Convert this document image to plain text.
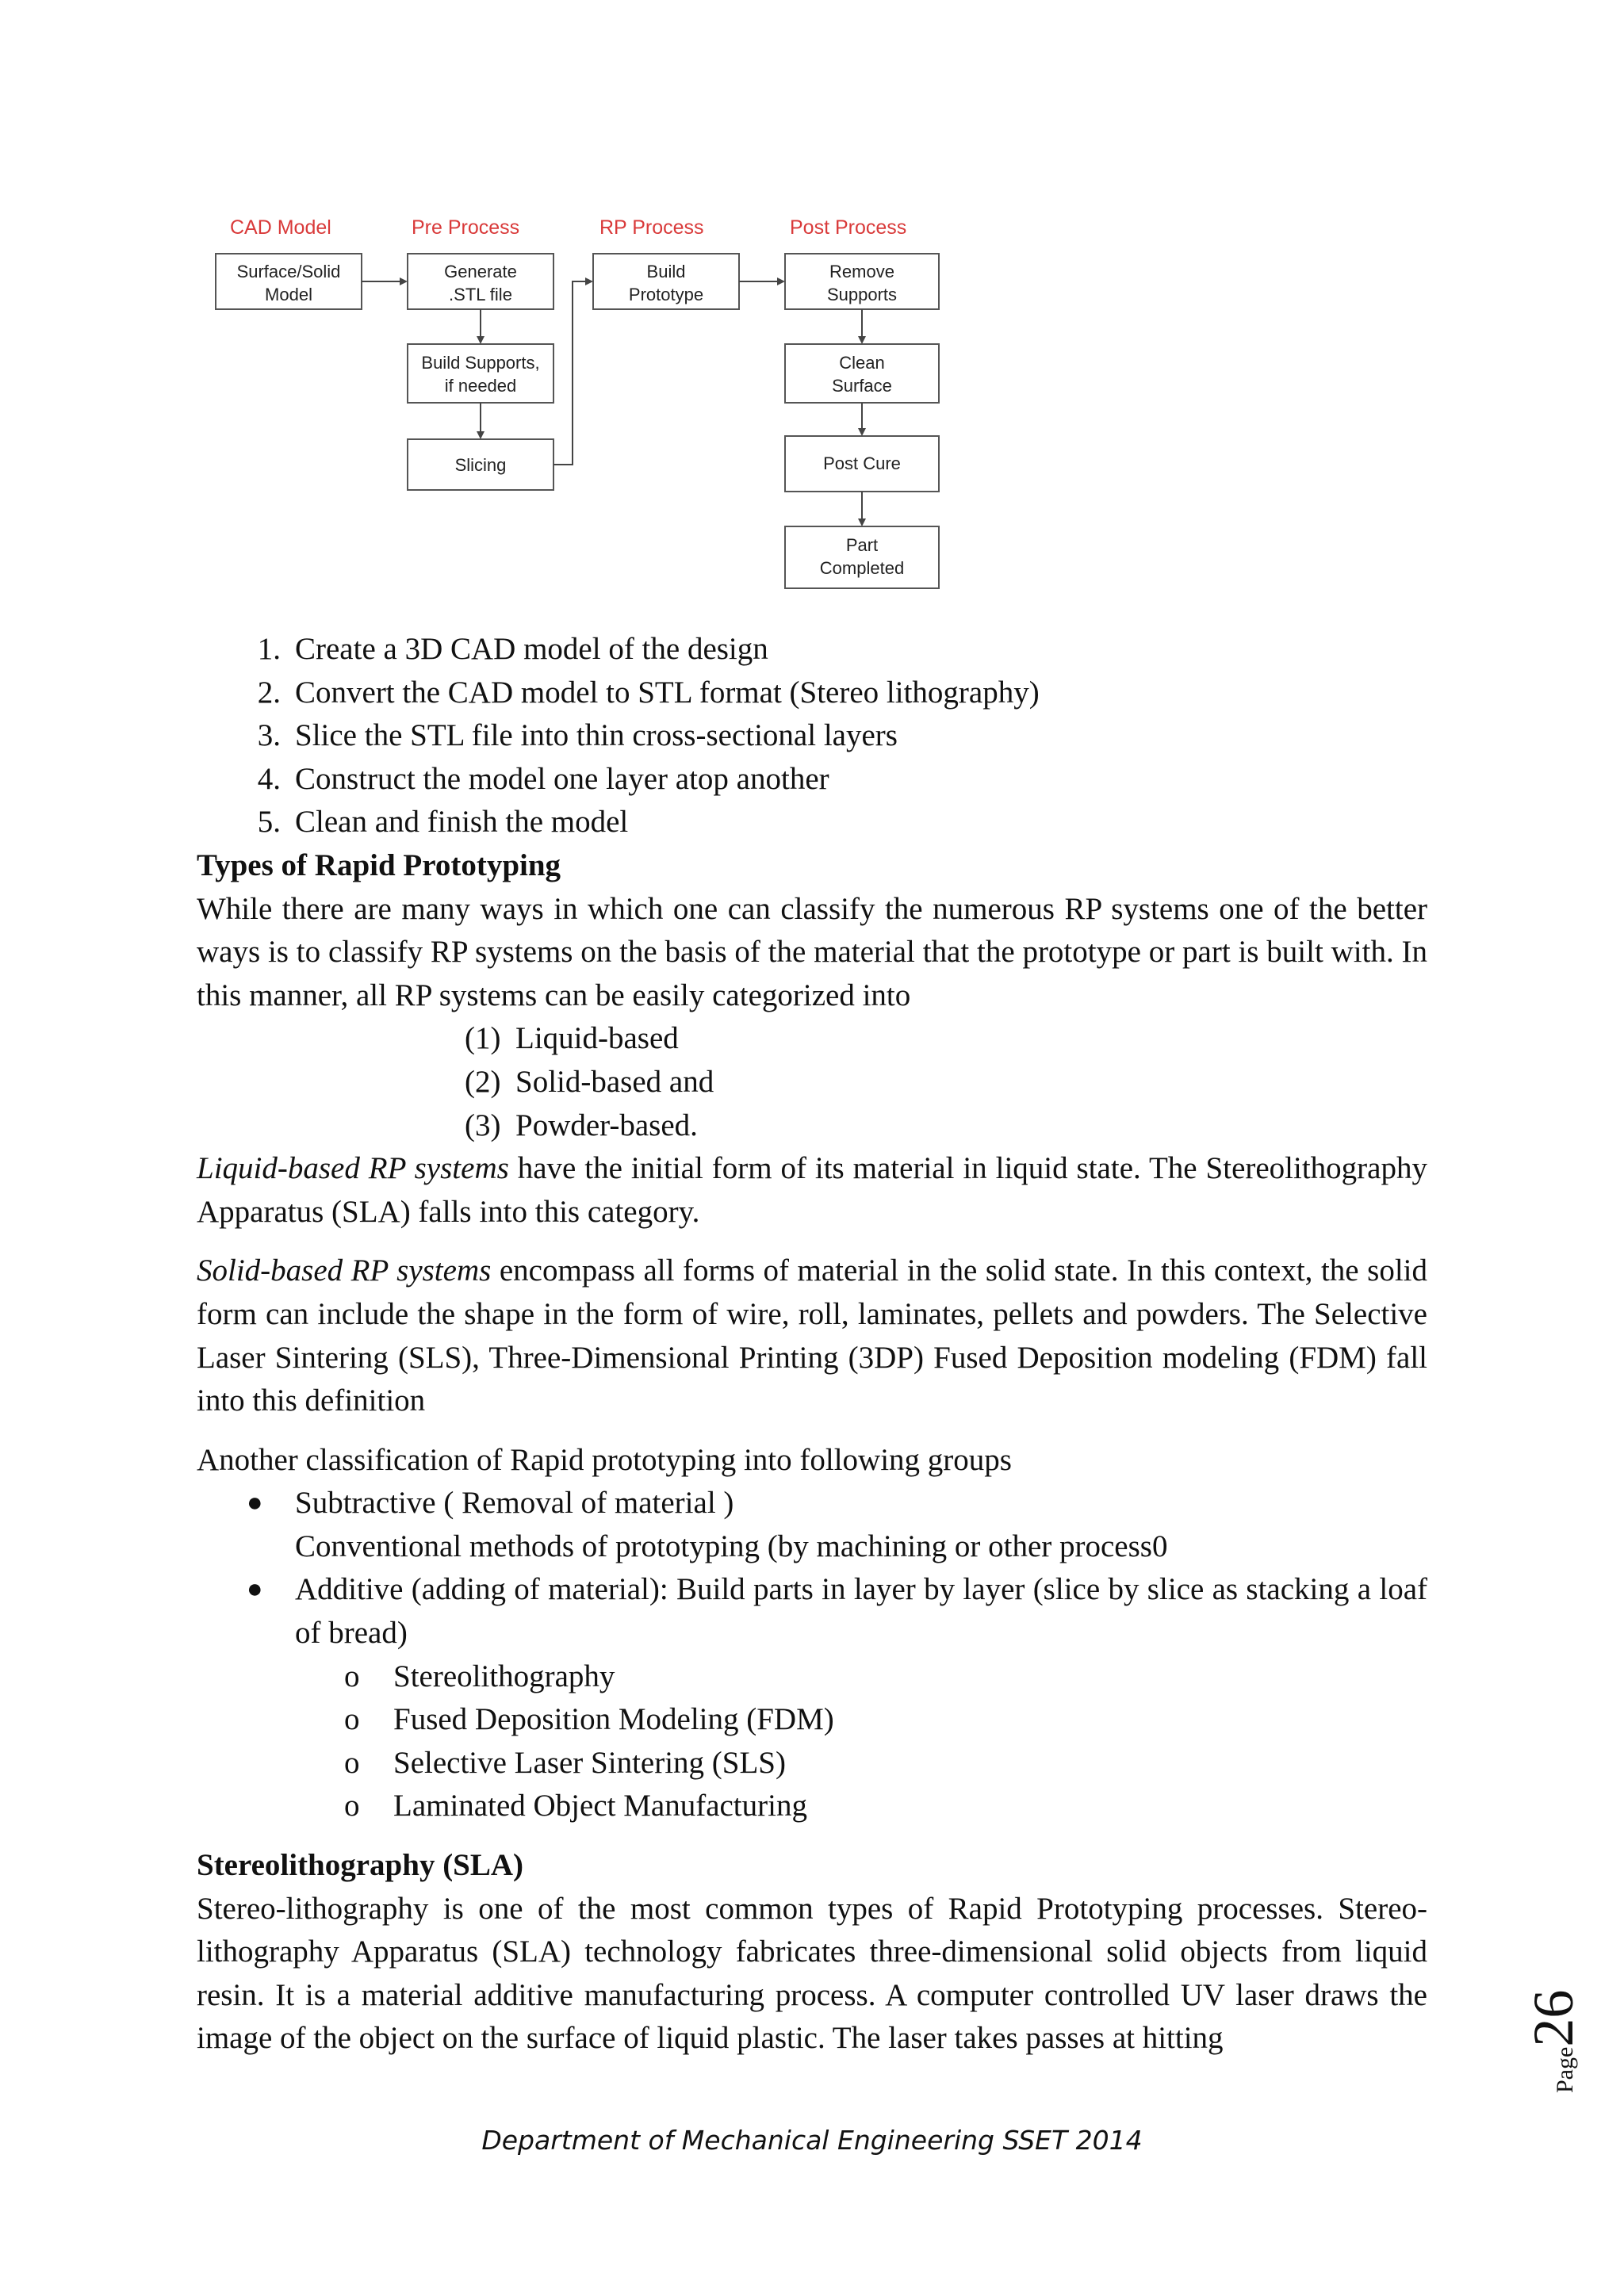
CAD Model	Pre Process	RP Process	Post Process
Surface/Solid
Model
Generate
.STL file
Build Supports,
if needed
Slicing
Build
Prototype
Remove
Supports
Clean
Surface
Post Cure
Part
Completed
1. Create a 3D CAD model of the design
2. Convert the CAD model to STL format (Stereo lithography)
3. Slice the STL file into thin cross-sectional layers
4. Construct the model one layer atop another
5. Clean and finish the model

Types of Rapid Prototyping

While there are many ways in which one can classify the numerous RP systems one of the better ways is to classify RP systems on the basis of the material that the prototype or part is built with. In this manner, all RP systems can be easily categorized into

(1) Liquid-based
(2) Solid-based and
(3) Powder-based.

Liquid-based RP systems have the initial form of its material in liquid state. The Stereolithography Apparatus (SLA) falls into this category.

Solid-based RP systems encompass all forms of material in the solid state. In this context, the solid form can include the shape in the form of wire, roll, laminates, pellets and powders. The Selective Laser Sintering (SLS), Three-Dimensional Printing (3DP) Fused Deposition modeling (FDM) fall into this definition

Another classification of Rapid prototyping into following groups

● Subtractive ( Removal of material )
Conventional methods of prototyping (by machining or other process0
● Additive (adding of material): Build parts in layer by layer (slice by slice as stacking a loaf of bread)
o Stereolithography
o Fused Deposition Modeling (FDM)
o Selective Laser Sintering (SLS)
o Laminated Object Manufacturing

Stereolithography (SLA)

Stereo-lithography is one of the most common types of Rapid Prototyping processes. Stereo-lithography Apparatus (SLA) technology fabricates three-dimensional solid objects from liquid resin. It is a material additive manufacturing process. A computer controlled UV laser draws the image of the object on the surface of liquid plastic. The laser takes passes at hitting

Department of Mechanical Engineering SSET 2014
Page26
